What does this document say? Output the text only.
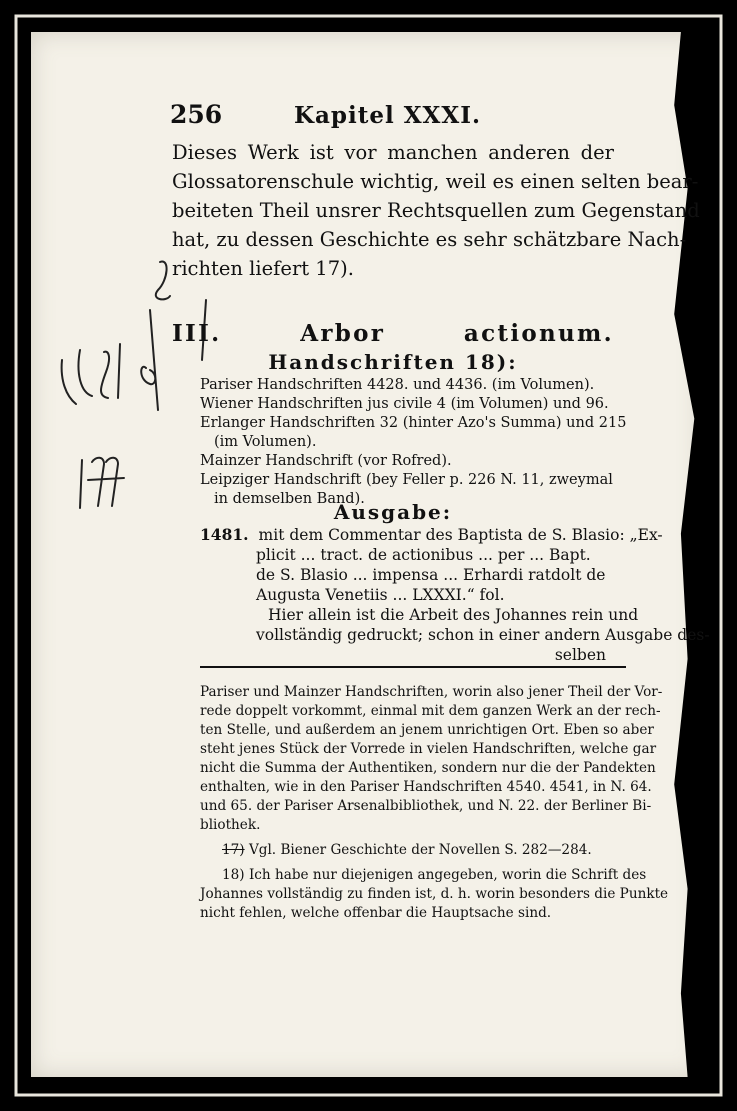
256	Kapitel XXXI.
Dieses Werk ist vor manchen anderen der
Glossatorenschule wichtig, weil es einen selten bear-
beiteten Theil unsrer Rechtsquellen zum Gegenstand
hat, zu dessen Geschichte es sehr schätzbare Nach-
richten liefert 17).
III.	Arbor actionum.
Handschriften 18):
Pariser Handschriften 4428. und 4436. (im Volumen).
Wiener Handschriften jus civile 4 (im Volumen) und 96.
Erlanger Handschriften 32 (hinter Azo's Summa) und 215
(im Volumen).
Mainzer Handschrift (vor Rofred).
Leipziger Handschrift (bey Feller p. 226 N. 11, zweymal
in demselben Band).
Ausgabe:
1481. mit dem Commentar des Baptista de S. Blasio: „Ex-
plicit ... tract. de actionibus ... per ... Bapt.
de S. Blasio ... impensa ... Erhardi ratdolt de
Augusta Venetiis ... LXXXI.“ fol.
Hier allein ist die Arbeit des Johannes rein und
vollständig gedruckt; schon in einer andern Ausgabe des-
selben
Pariser und Mainzer Handschriften, worin also jener Theil der Vor-
rede doppelt vorkommt, einmal mit dem ganzen Werk an der rech-
ten Stelle, und außerdem an jenem unrichtigen Ort. Eben so aber
steht jenes Stück der Vorrede in vielen Handschriften, welche gar
nicht die Summa der Authentiken, sondern nur die der Pandekten
enthalten, wie in den Pariser Handschriften 4540. 4541, in N. 64.
und 65. der Pariser Arsenalbibliothek, und N. 22. der Berliner Bi-
bliothek.
17) Vgl. Biener Geschichte der Novellen S. 282—284.
18) Ich habe nur diejenigen angegeben, worin die Schrift des
Johannes vollständig zu finden ist, d. h. worin besonders die Punkte
nicht fehlen, welche offenbar die Hauptsache sind.
